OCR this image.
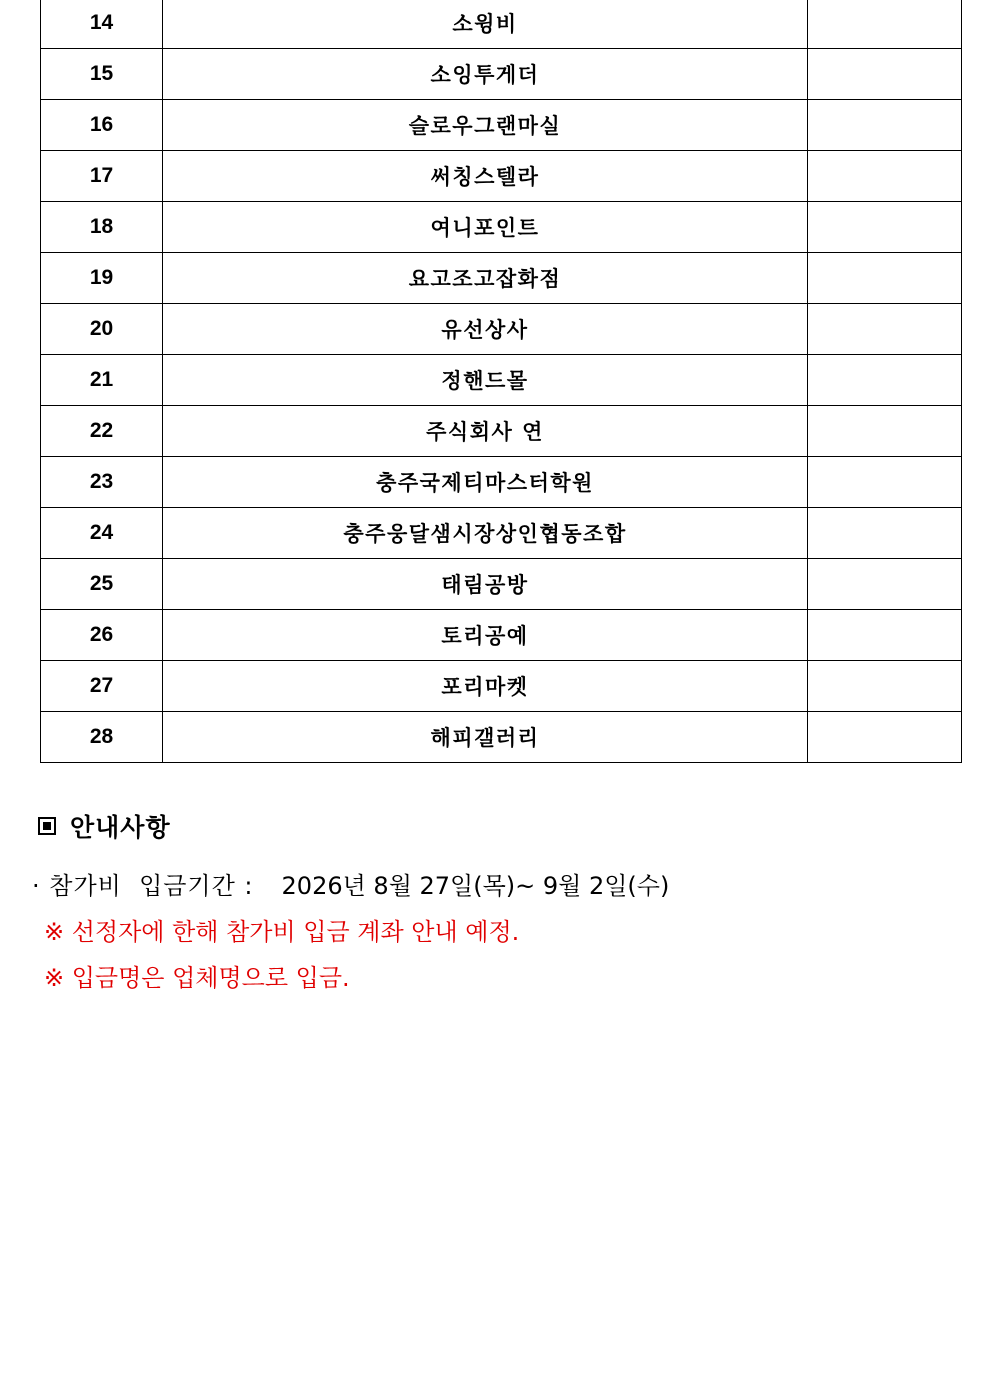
14	소윙비	
15	소잉투게더	
16	슬로우그랜마실	
17	써칭스텔라	
18	여니포인트	
19	요고조고잡화점	
20	유선상사	
21	정핸드몰	
22	주식회사 연	
23	충주국제티마스터학원	
24	충주웅달샘시장상인협동조합	
25	태림공방	
26	토리공예	
27	포리마켓	
28	해피갤러리	
안내사항
· 참가비  입금기간 : 2026년 8월 27일(목)~ 9월 2일(수)
※ 선정자에 한해 참가비 입금 계좌 안내 예정.
※ 입금명은 업체명으로 입금.
